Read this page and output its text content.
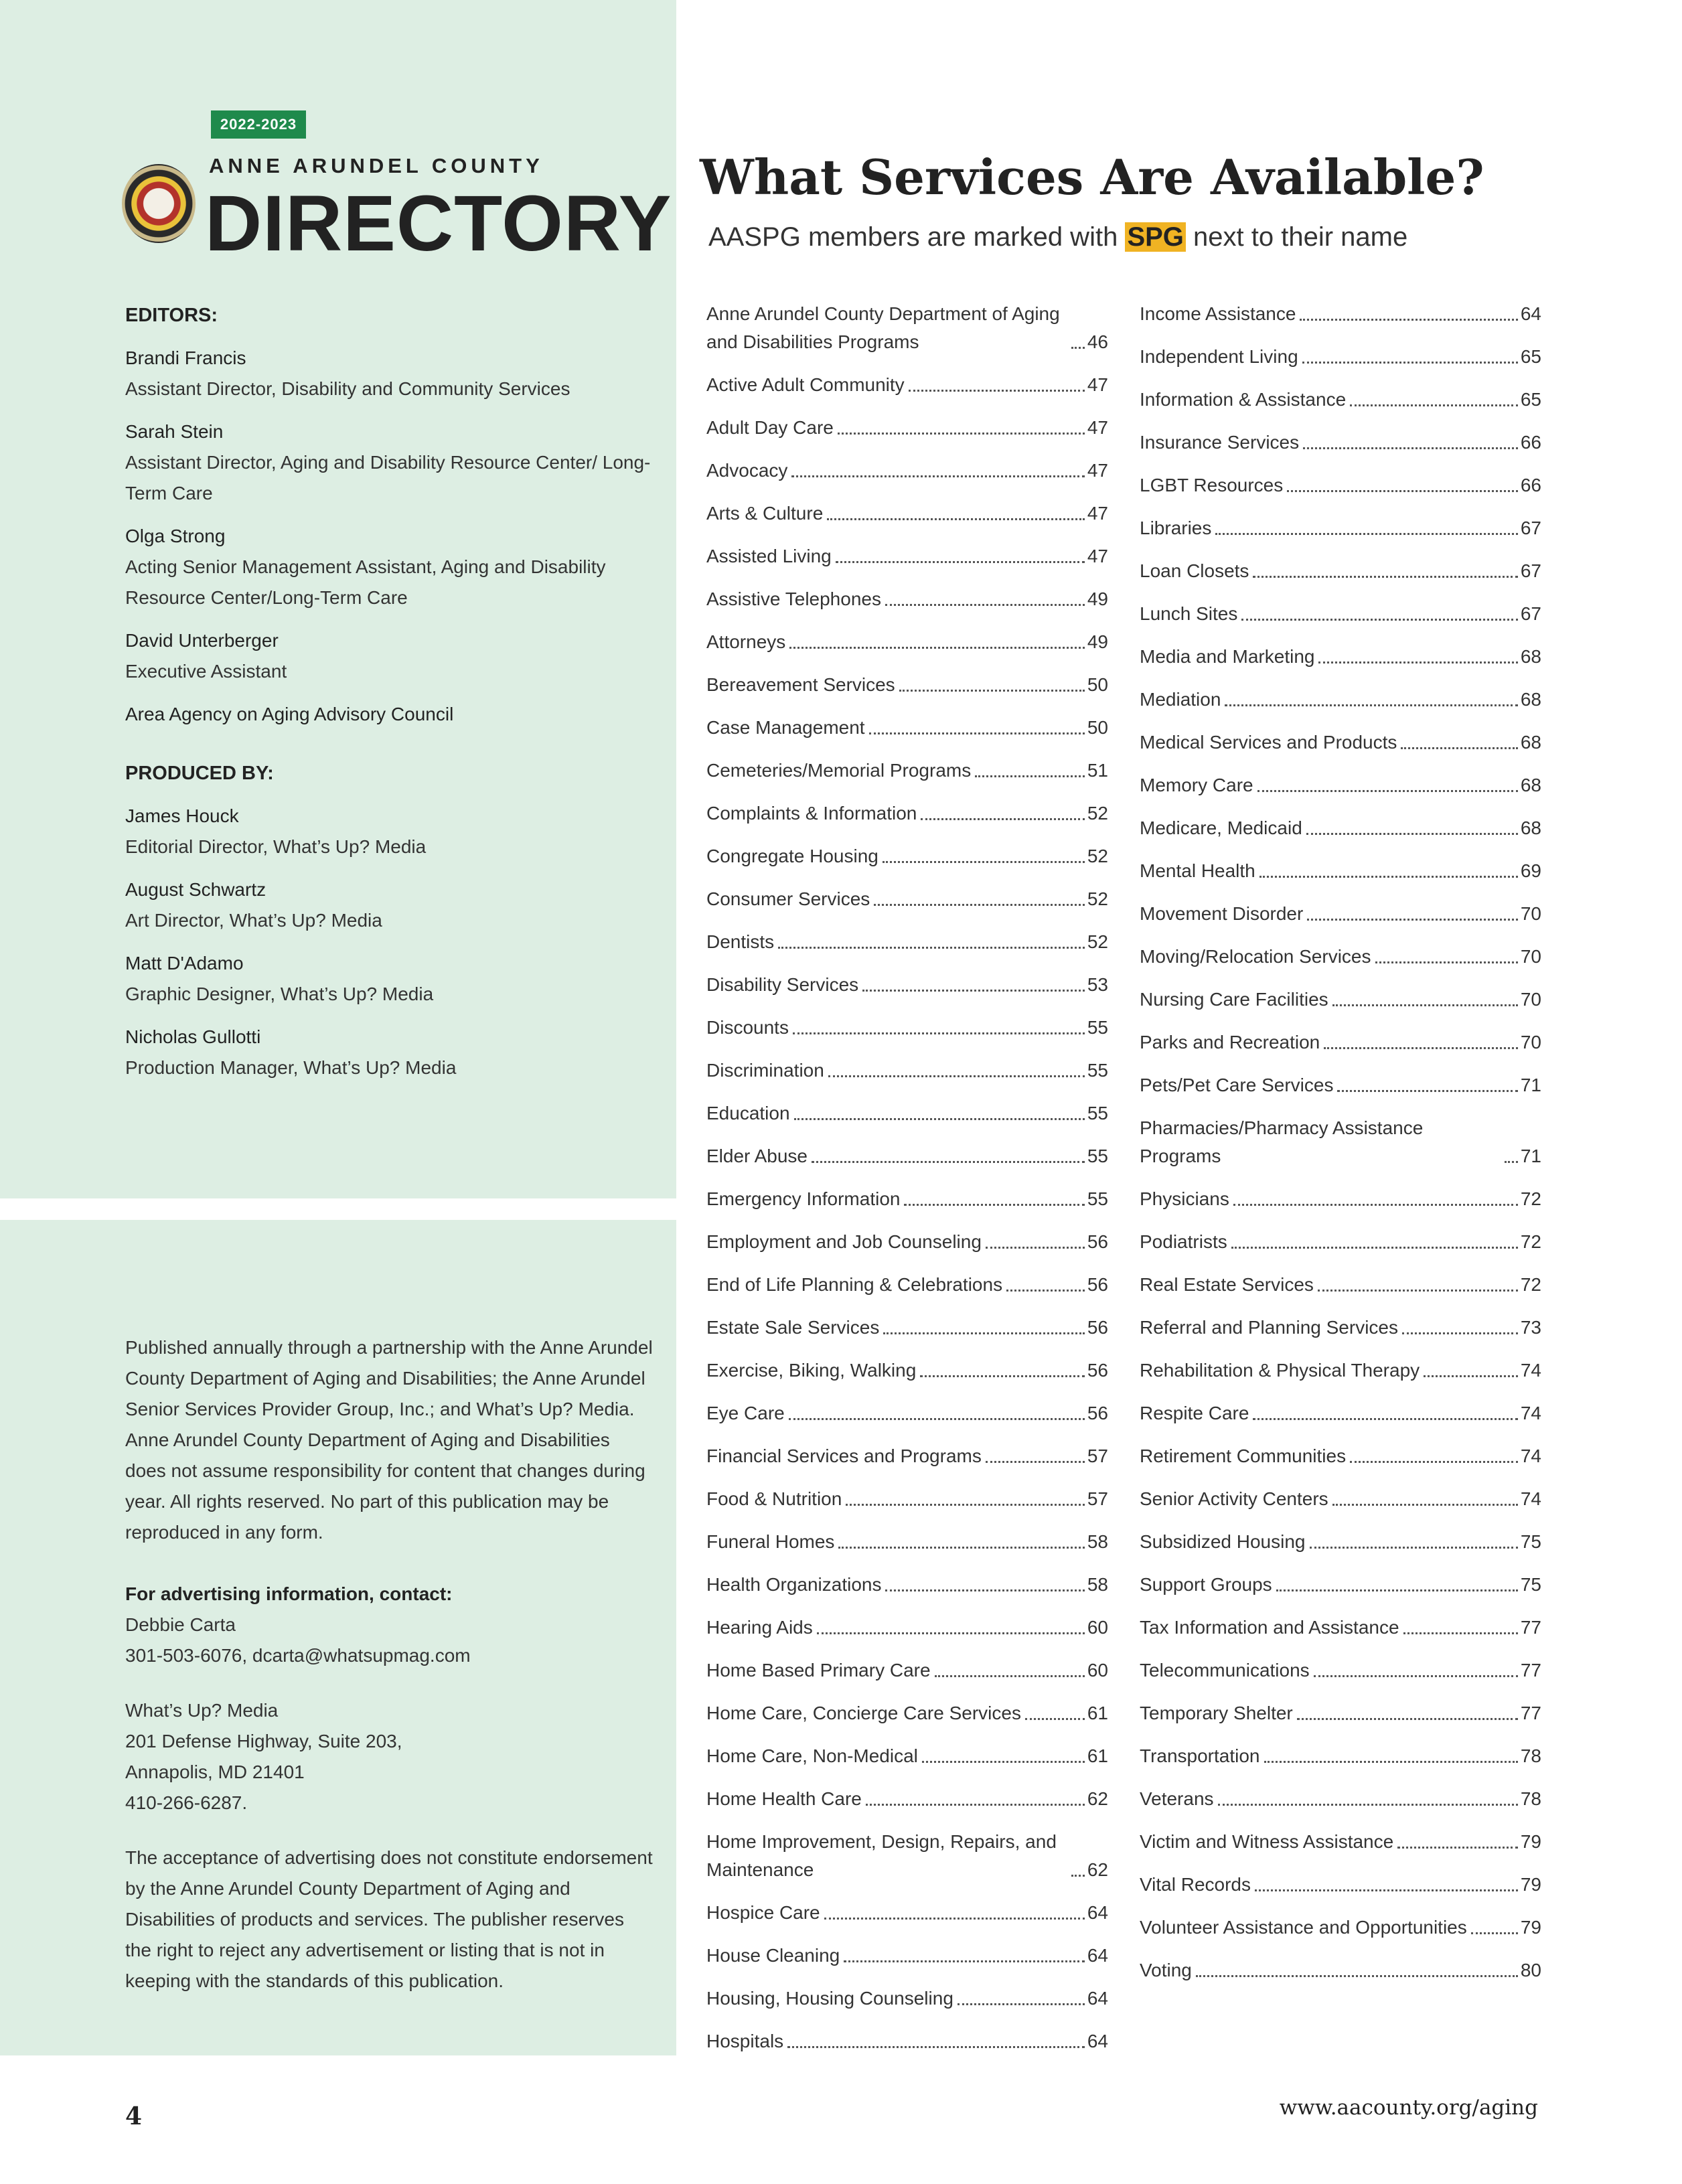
2022-2023
ANNE ARUNDEL COUNTY
DIRECTORY
EDITORS:
Brandi Francis
Assistant Director, Disability and Community Services
Sarah Stein
Assistant Director, Aging and Disability Resource Center/ Long-Term Care
Olga Strong
Acting Senior Management Assistant, Aging and Disability Resource Center/Long-Term Care
David Unterberger
Executive Assistant
Area Agency on Aging Advisory Council
PRODUCED BY:
James Houck
Editorial Director, What’s Up? Media
August Schwartz
Art Director, What’s Up? Media
Matt D'Adamo
Graphic Designer, What’s Up? Media
Nicholas Gullotti
Production Manager, What’s Up? Media
Published annually through a partnership with the Anne Arundel County Department of Aging and Disabilities; the Anne Arundel Senior Services Provider Group, Inc.; and What’s Up? Media. Anne Arundel County Department of Aging and Disabilities does not assume responsibility for content that changes during year. All rights reserved. No part of this publication may be reproduced in any form.
For advertising information, contact:
Debbie Carta
301-503-6076, dcarta@whatsupmag.com
What’s Up? Media
201 Defense Highway, Suite 203,
Annapolis, MD 21401
410-266-6287.
The acceptance of advertising does not constitute endorsement by the Anne Arundel County Department of Aging and Disabilities of products and services. The publisher reserves the right to reject any advertisement or listing that is not in keeping with the standards of this publication.
What Services Are Available?
AASPG members are marked with SPG next to their name
Anne Arundel County Department of Aging and Disabilities Programs	46
Active Adult Community	47
Adult Day Care	47
Advocacy	47
Arts & Culture	47
Assisted Living	47
Assistive Telephones	49
Attorneys	49
Bereavement Services	50
Case Management	50
Cemeteries/Memorial Programs	51
Complaints & Information	52
Congregate Housing	52
Consumer Services	52
Dentists	52
Disability Services	53
Discounts	55
Discrimination	55
Education	55
Elder Abuse	55
Emergency Information	55
Employment and Job Counseling	56
End of Life Planning & Celebrations	56
Estate Sale Services	56
Exercise, Biking, Walking	56
Eye Care	56
Financial Services and Programs	57
Food & Nutrition	57
Funeral Homes	58
Health Organizations	58
Hearing Aids	60
Home Based Primary Care	60
Home Care, Concierge Care Services	61
Home Care, Non-Medical	61
Home Health Care	62
Home Improvement, Design, Repairs, and Maintenance	62
Hospice Care	64
House Cleaning	64
Housing, Housing Counseling	64
Hospitals	64
Income Assistance	64
Independent Living	65
Information & Assistance	65
Insurance Services	66
LGBT Resources	66
Libraries	67
Loan Closets	67
Lunch Sites	67
Media and Marketing	68
Mediation	68
Medical Services and Products	68
Memory Care	68
Medicare, Medicaid	68
Mental Health	69
Movement Disorder	70
Moving/Relocation Services	70
Nursing Care Facilities	70
Parks and Recreation	70
Pets/Pet Care Services	71
Pharmacies/Pharmacy Assistance Programs	71
Physicians	72
Podiatrists	72
Real Estate Services	72
Referral and Planning Services	73
Rehabilitation & Physical Therapy	74
Respite Care	74
Retirement Communities	74
Senior Activity Centers	74
Subsidized Housing	75
Support Groups	75
Tax Information and Assistance	77
Telecommunications	77
Temporary Shelter	77
Transportation	78
Veterans	78
Victim and Witness Assistance	79
Vital Records	79
Volunteer Assistance and Opportunities	79
Voting	80
4	www.aacounty.org/aging
